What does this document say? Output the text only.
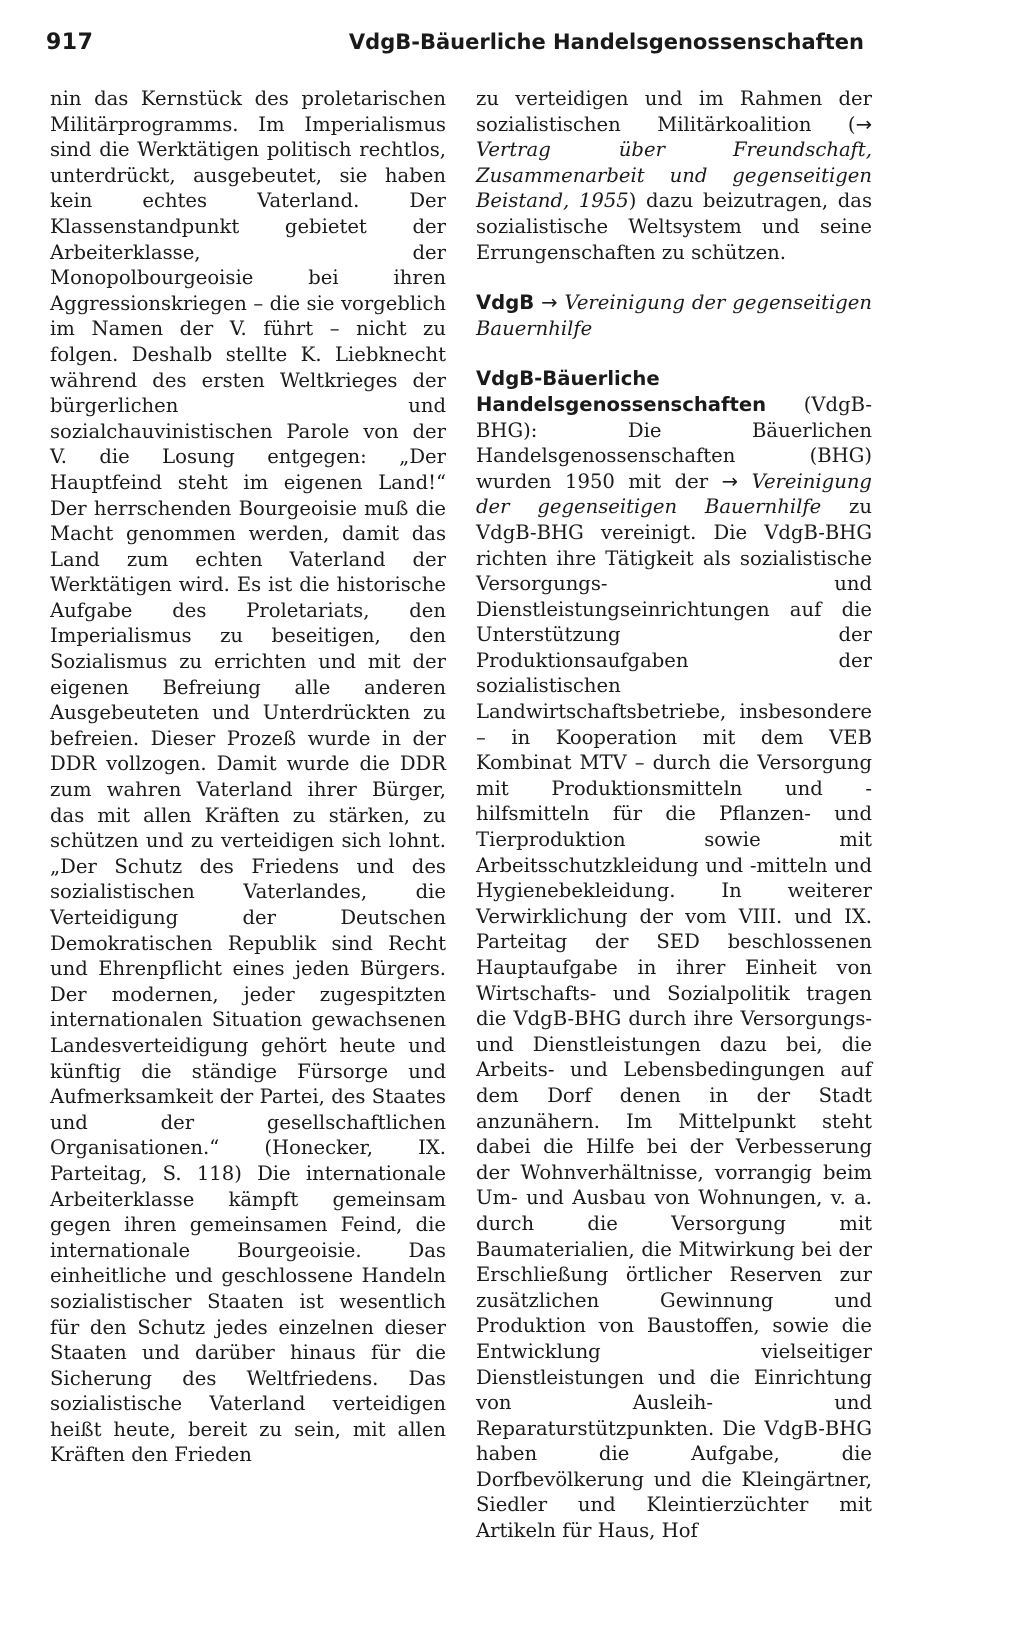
917	VdgB-Bäuerliche Handelsgenossenschaften

nin das Kernstück des proletarischen Militärprogramms. Im Imperialismus sind die Werktätigen politisch rechtlos, unterdrückt, ausgebeutet, sie haben kein echtes Vaterland. Der Klassenstandpunkt gebietet der Arbeiterklasse, der Monopolbourgeoisie bei ihren Aggressionskriegen – die sie vorgeblich im Namen der V. führt – nicht zu folgen. Deshalb stellte K. Liebknecht während des ersten Weltkrieges der bürgerlichen und sozialchauvinistischen Parole von der V. die Losung entgegen: „Der Hauptfeind steht im eigenen Land!“ Der herrschenden Bourgeoisie muß die Macht genommen werden, damit das Land zum echten Vaterland der Werktätigen wird. Es ist die historische Aufgabe des Proletariats, den Imperialismus zu beseitigen, den Sozialismus zu errichten und mit der eigenen Befreiung alle anderen Ausgebeuteten und Unterdrückten zu befreien. Dieser Prozeß wurde in der DDR vollzogen. Damit wurde die DDR zum wahren Vaterland ihrer Bürger, das mit allen Kräften zu stärken, zu schützen und zu verteidigen sich lohnt. „Der Schutz des Friedens und des sozialistischen Vaterlandes, die Verteidigung der Deutschen Demokratischen Republik sind Recht und Ehrenpflicht eines jeden Bürgers. Der modernen, jeder zugespitzten internationalen Situation gewachsenen Landesverteidigung gehört heute und künftig die ständige Fürsorge und Aufmerksamkeit der Partei, des Staates und der gesellschaftlichen Organisationen.“ (Honecker, IX. Parteitag, S. 118) Die internationale Arbeiterklasse kämpft gemeinsam gegen ihren gemeinsamen Feind, die internationale Bourgeoisie. Das einheitliche und geschlossene Handeln sozialistischer Staaten ist wesentlich für den Schutz jedes einzelnen dieser Staaten und darüber hinaus für die Sicherung des Weltfriedens. Das sozialistische Vaterland verteidigen heißt heute, bereit zu sein, mit allen Kräften den Frieden

zu verteidigen und im Rahmen der sozialistischen Militärkoalition (→ Vertrag über Freundschaft, Zusammenarbeit und gegenseitigen Beistand, 1955) dazu beizutragen, das sozialistische Weltsystem und seine Errungenschaften zu schützen.

VdgB → Vereinigung der gegenseitigen Bauernhilfe

VdgB-Bäuerliche Handelsgenossenschaften (VdgB-BHG): Die Bäuerlichen Handelsgenossenschaften (BHG) wurden 1950 mit der → Vereinigung der gegenseitigen Bauernhilfe zu VdgB-BHG vereinigt. Die VdgB-BHG richten ihre Tätigkeit als sozialistische Versorgungs- und Dienstleistungseinrichtungen auf die Unterstützung der Produktionsaufgaben der sozialistischen Landwirtschaftsbetriebe, insbesondere – in Kooperation mit dem VEB Kombinat MTV – durch die Versorgung mit Produktionsmitteln und -hilfsmitteln für die Pflanzen- und Tierproduktion sowie mit Arbeitsschutzkleidung und -mitteln und Hygienebekleidung. In weiterer Verwirklichung der vom VIII. und IX. Parteitag der SED beschlossenen Hauptaufgabe in ihrer Einheit von Wirtschafts- und Sozialpolitik tragen die VdgB-BHG durch ihre Versorgungs- und Dienstleistungen dazu bei, die Arbeits- und Lebensbedingungen auf dem Dorf denen in der Stadt anzunähern. Im Mittelpunkt steht dabei die Hilfe bei der Verbesserung der Wohnverhältnisse, vorrangig beim Um- und Ausbau von Wohnungen, v. a. durch die Versorgung mit Baumaterialien, die Mitwirkung bei der Erschließung örtlicher Reserven zur zusätzlichen Gewinnung und Produktion von Baustoffen, sowie die Entwicklung vielseitiger Dienstleistungen und die Einrichtung von Ausleih- und Reparaturstützpunkten. Die VdgB-BHG haben die Aufgabe, die Dorfbevölkerung und die Kleingärtner, Siedler und Kleintierzüchter mit Artikeln für Haus, Hof
